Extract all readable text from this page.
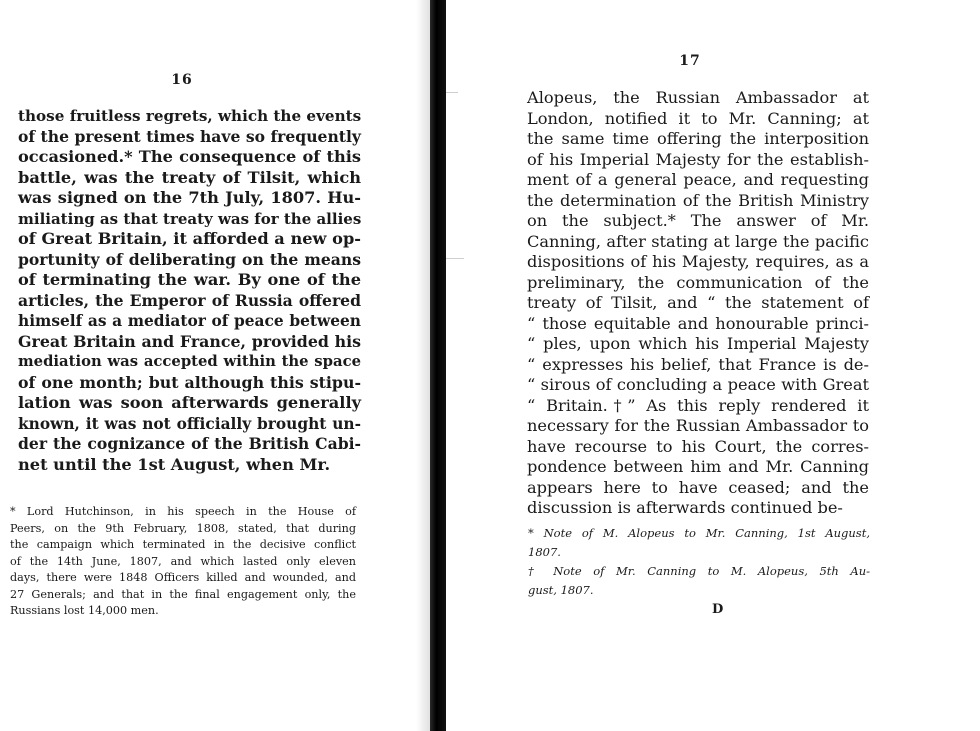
16
those fruitless regrets, which the events
of the present times have so frequently
occasioned.* The consequence of this
battle, was the treaty of Tilsit, which
was signed on the 7th July, 1807. Hu-
miliating as that treaty was for the allies
of Great Britain, it afforded a new op-
portunity of deliberating on the means
of terminating the war. By one of the
articles, the Emperor of Russia offered
himself as a mediator of peace between
Great Britain and France, provided his
mediation was accepted within the space
of one month; but although this stipu-
lation was soon afterwards generally
known, it was not officially brought un-
der the cognizance of the British Cabi-
net until the 1st August, when Mr.
* Lord Hutchinson, in his speech in the House of
Peers, on the 9th February, 1808, stated, that during
the campaign which terminated in the decisive conflict
of the 14th June, 1807, and which lasted only eleven
days, there were 1848 Officers killed and wounded, and
27 Generals; and that in the final engagement only, the
Russians lost 14,000 men.
17
Alopeus, the Russian Ambassador at
London, notified it to Mr. Canning; at
the same time offering the interposition
of his Imperial Majesty for the establish-
ment of a general peace, and requesting
the determination of the British Ministry
on the subject.* The answer of Mr.
Canning, after stating at large the pacific
dispositions of his Majesty, requires, as a
preliminary, the communication of the
treaty of Tilsit, and “ the statement of
“ those equitable and honourable princi-
“ ples, upon which his Imperial Majesty
“ expresses his belief, that France is de-
“ sirous of concluding a peace with Great
“ Britain.†” As this reply rendered it
necessary for the Russian Ambassador to
have recourse to his Court, the corres-
pondence between him and Mr. Canning
appears here to have ceased; and the
discussion is afterwards continued be-
* Note of M. Alopeus to Mr. Canning, 1st August,
1807.
† Note of Mr. Canning to M. Alopeus, 5th Au-
gust, 1807.
D
